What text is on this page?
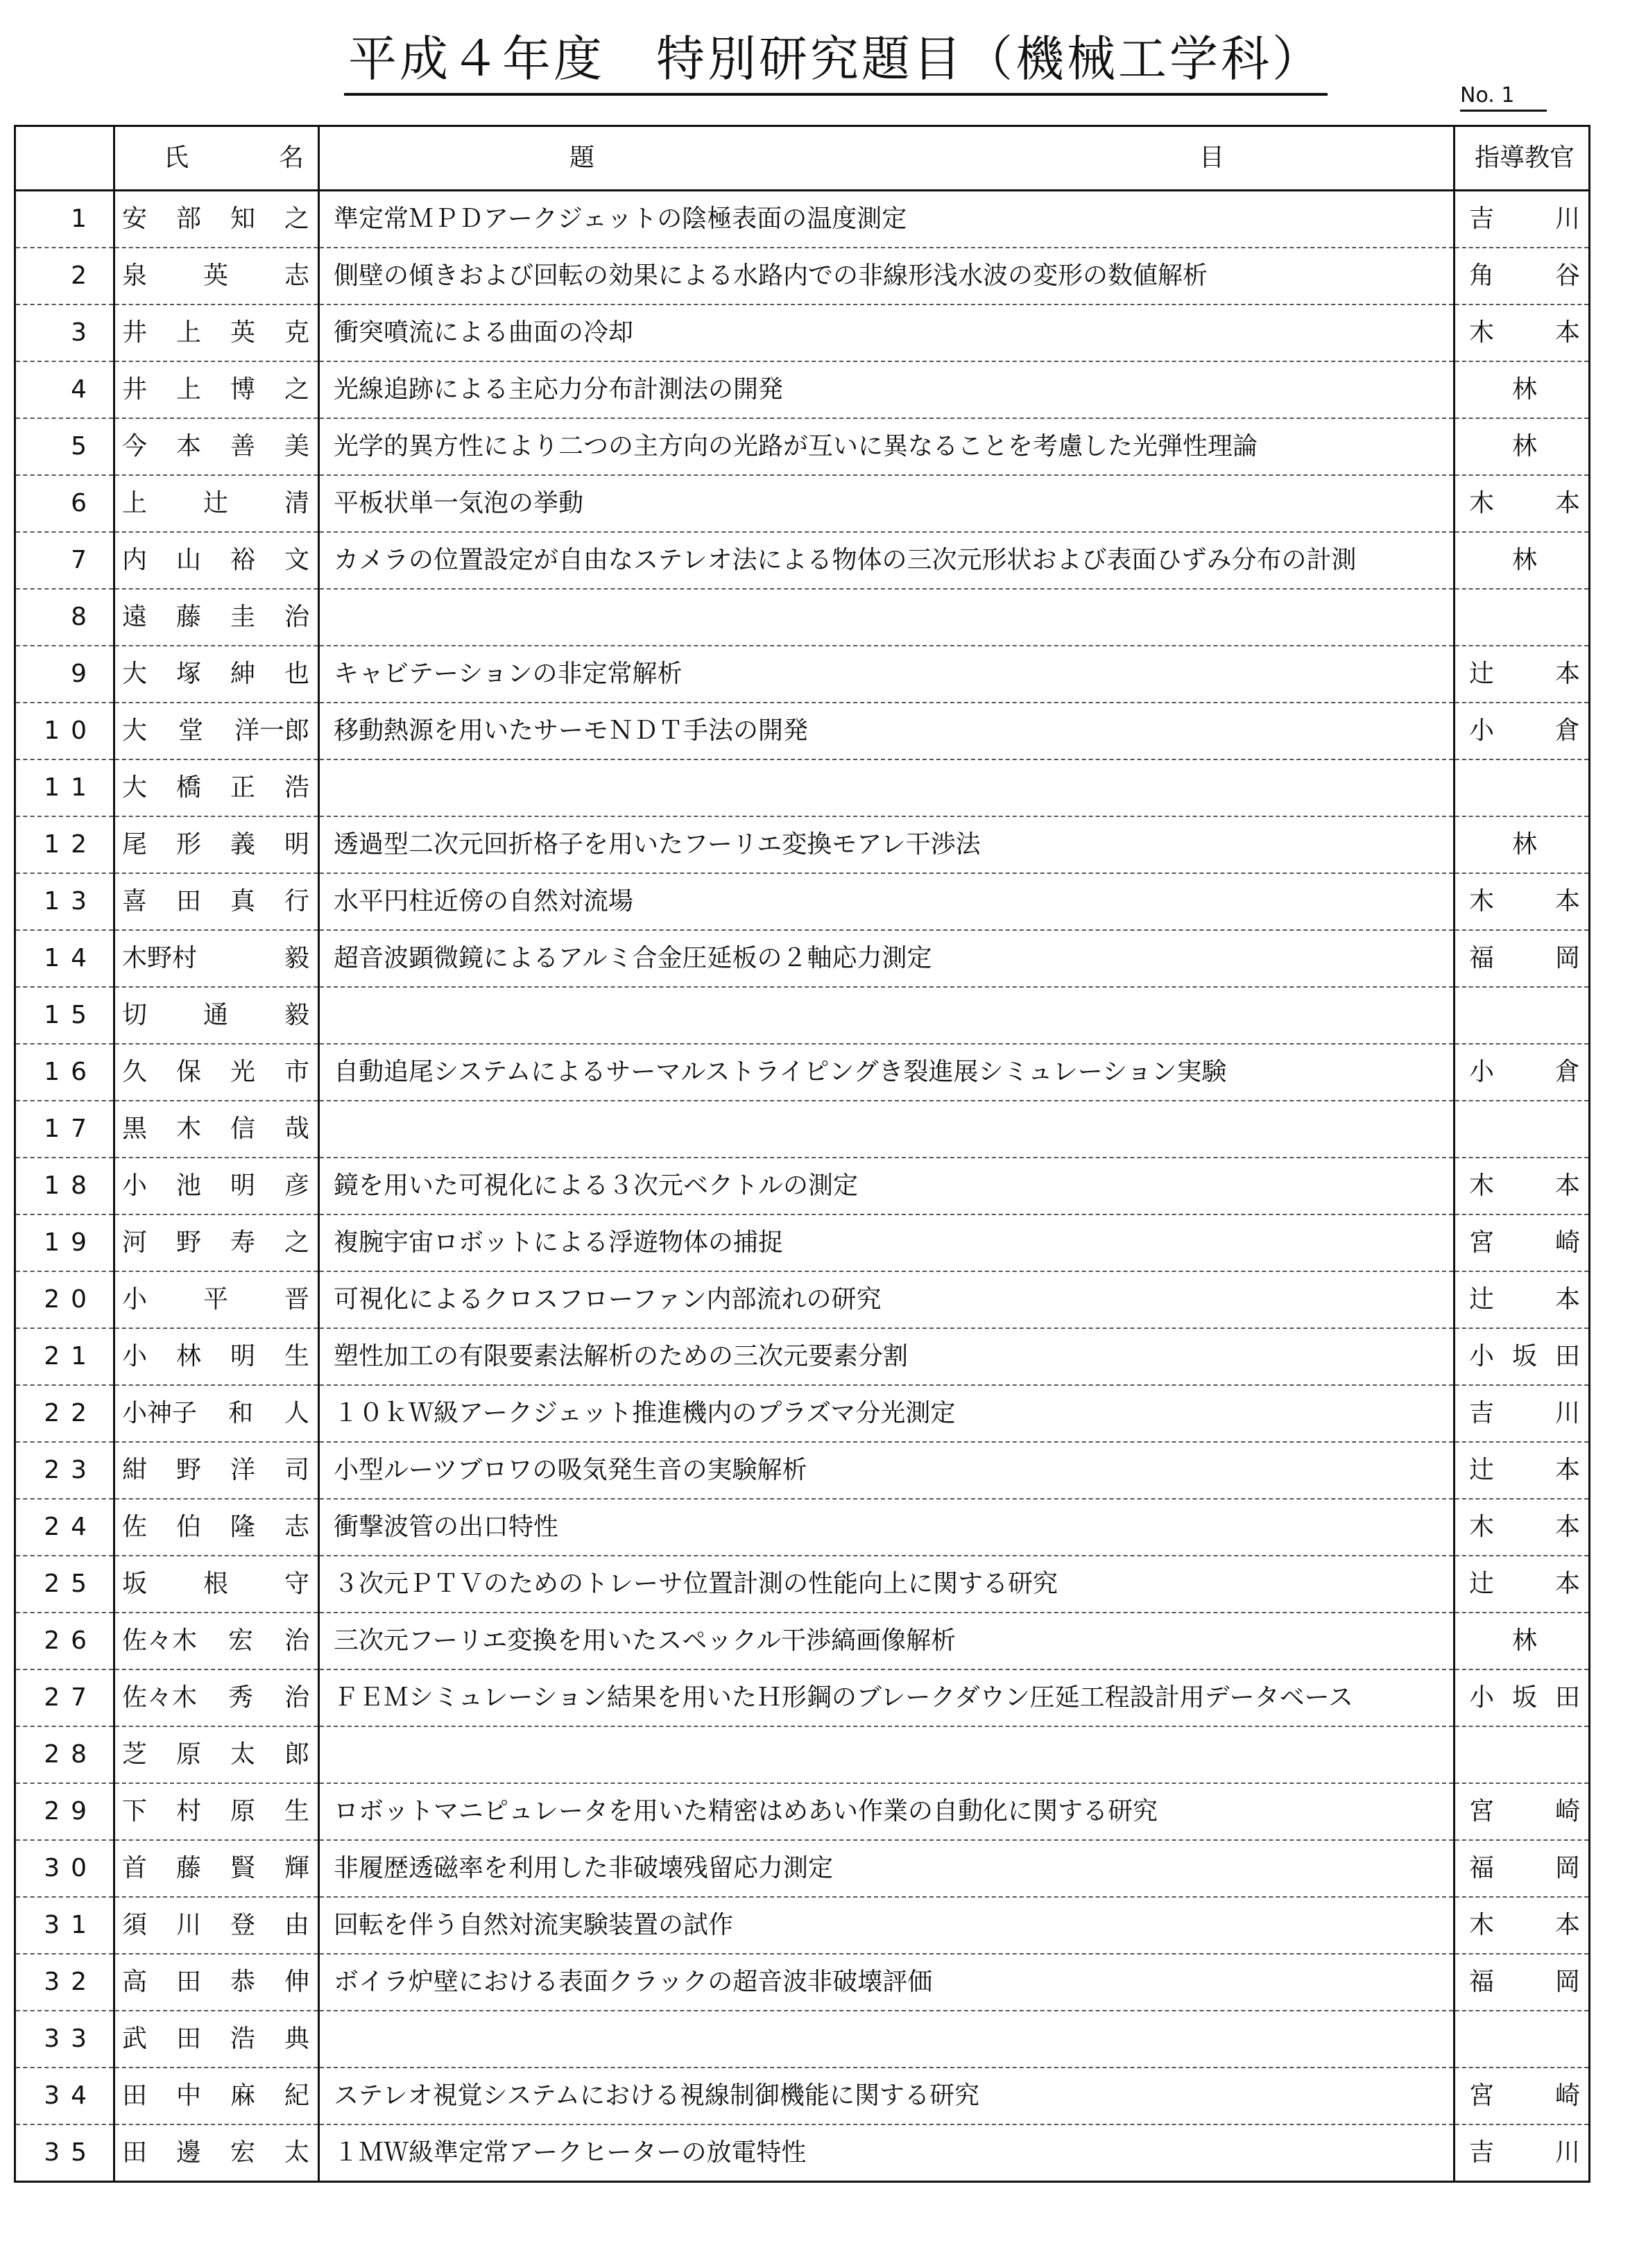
平成４年度　特別研究題目（機械工学科）
No. 1

	氏 名	題 目	指導教官
1	安 部 知 之	準定常ＭＰＤアークジェットの陰極表面の温度測定	吉 川

2	泉 英 志	側壁の傾きおよび回転の効果による水路内での非線形浅水波の変形の数値解析	角 谷

3	井 上 英 克	衝突噴流による曲面の冷却	木 本

4	井 上 博 之	光線追跡による主応力分布計測法の開発	林

5	今 本 善 美	光学的異方性により二つの主方向の光路が互いに異なることを考慮した光弾性理論	林

6	上 辻 清	平板状単一気泡の挙動	木 本

7	内 山 裕 文	カメラの位置設定が自由なステレオ法による物体の三次元形状および表面ひずみ分布の計測	林

8	遠 藤 圭 治		

9	大 塚 紳 也	キャビテーションの非定常解析	辻 本

10	大 堂 洋一郎	移動熱源を用いたサーモＮＤＴ手法の開発	小 倉

11	大 橋 正 浩		

12	尾 形 義 明	透過型二次元回折格子を用いたフーリエ変換モアレ干渉法	林

13	喜 田 真 行	水平円柱近傍の自然対流場	木 本

14	木野村 毅	超音波顕微鏡によるアルミ合金圧延板の２軸応力測定	福 岡

15	切 通 毅		

16	久 保 光 市	自動追尾システムによるサーマルストライピングき裂進展シミュレーション実験	小 倉

17	黒 木 信 哉		

18	小 池 明 彦	鏡を用いた可視化による３次元ベクトルの測定	木 本

19	河 野 寿 之	複腕宇宙ロボットによる浮遊物体の捕捉	宮 崎

20	小 平 晋	可視化によるクロスフローファン内部流れの研究	辻 本

21	小 林 明 生	塑性加工の有限要素法解析のための三次元要素分割	小 坂 田

22	小神子 和 人	１０ｋＷ級アークジェット推進機内のプラズマ分光測定	吉 川

23	紺 野 洋 司	小型ルーツブロワの吸気発生音の実験解析	辻 本

24	佐 伯 隆 志	衝撃波管の出口特性	木 本

25	坂 根 守	３次元ＰＴＶのためのトレーサ位置計測の性能向上に関する研究	辻 本

26	佐々木 宏 治	三次元フーリエ変換を用いたスペックル干渉縞画像解析	林

27	佐々木 秀 治	ＦＥＭシミュレーション結果を用いたＨ形鋼のブレークダウン圧延工程設計用データベース	小 坂 田

28	芝 原 太 郎		

29	下 村 原 生	ロボットマニピュレータを用いた精密はめあい作業の自動化に関する研究	宮 崎

30	首 藤 賢 輝	非履歴透磁率を利用した非破壊残留応力測定	福 岡

31	須 川 登 由	回転を伴う自然対流実験装置の試作	木 本

32	高 田 恭 伸	ボイラ炉壁における表面クラックの超音波非破壊評価	福 岡

33	武 田 浩 典		

34	田 中 麻 紀	ステレオ視覚システムにおける視線制御機能に関する研究	宮 崎

35	田 邊 宏 太	１ＭＷ級準定常アークヒーターの放電特性	吉 川
